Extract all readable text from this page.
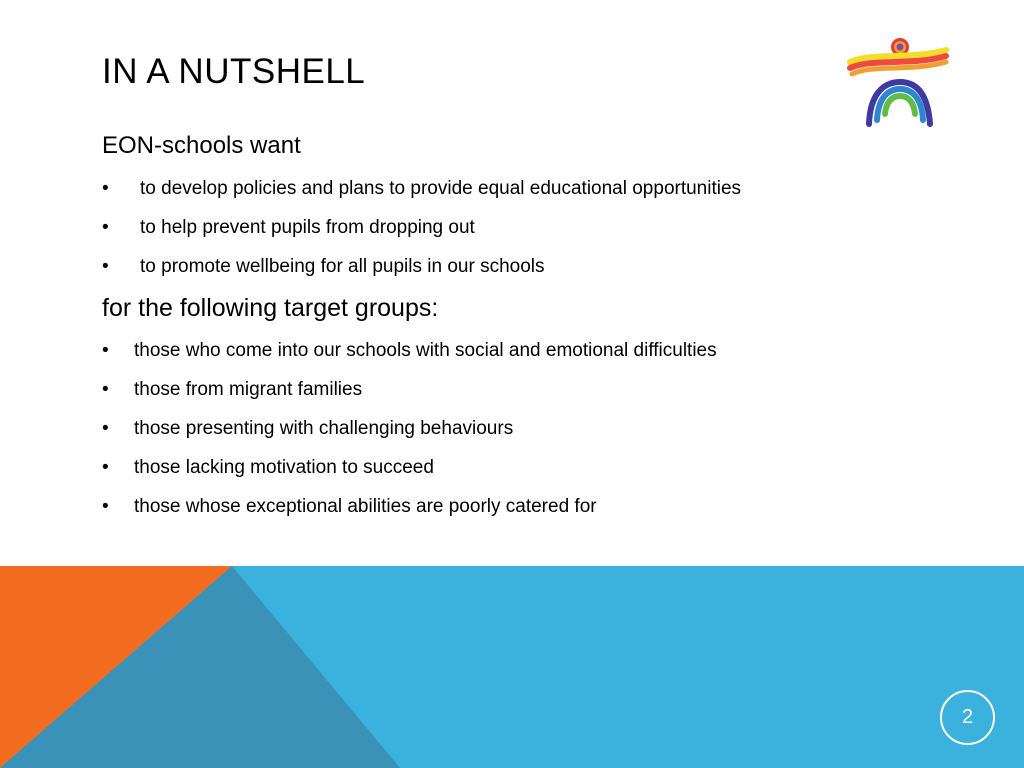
IN A NUTSHELL
EON-schools want
• to develop policies and plans to provide equal educational opportunities
• to help prevent pupils from dropping out
• to promote wellbeing for all pupils in our schools
for the following target groups:
• those who come into our schools with social and emotional difficulties
• those from migrant families
• those presenting with challenging behaviours
• those lacking motivation to succeed
• those whose exceptional abilities are poorly catered for
2
